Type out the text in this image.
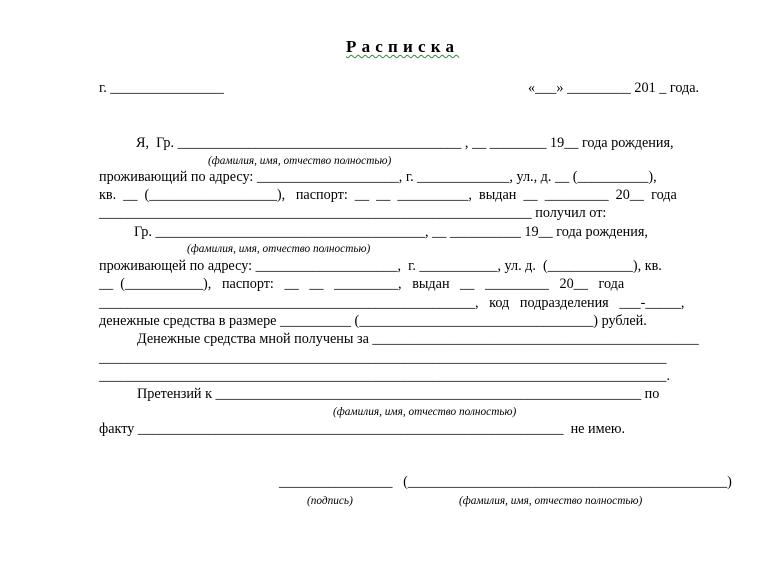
Расписка
г. ________________	«___» _________ 201 _ года.
Я,  Гр. ________________________________________ , __ ________ 19__ года рождения,
(фамилия, имя, отчество полностью)
проживающий по адресу: ____________________, г. _____________, ул., д. __ (__________),
кв.  __  (__________________),   паспорт:  __  __  __________,  выдан  __  _________  20__  года
_____________________________________________________________ получил от:
Гр. ______________________________________, __ __________ 19__ года рождения,
(фамилия, имя, отчество полностью)
проживающей по адресу: ____________________,  г. ___________, ул. д.  (____________), кв.
__  (___________),   паспорт:   __   __   _________,   выдан   __   _________   20__   года
_____________________________________________________,   код   подразделения   ___-_____,
денежные средства в размере __________ (_________________________________) рублей.
Денежные средства мной получены за ______________________________________________
________________________________________________________________________________
________________________________________________________________________________.
Претензий к ____________________________________________________________ по
(фамилия, имя, отчество полностью)
факту ____________________________________________________________  не имею.
________________   (_____________________________________________)
(подпись)	(фамилия, имя, отчество полностью)
